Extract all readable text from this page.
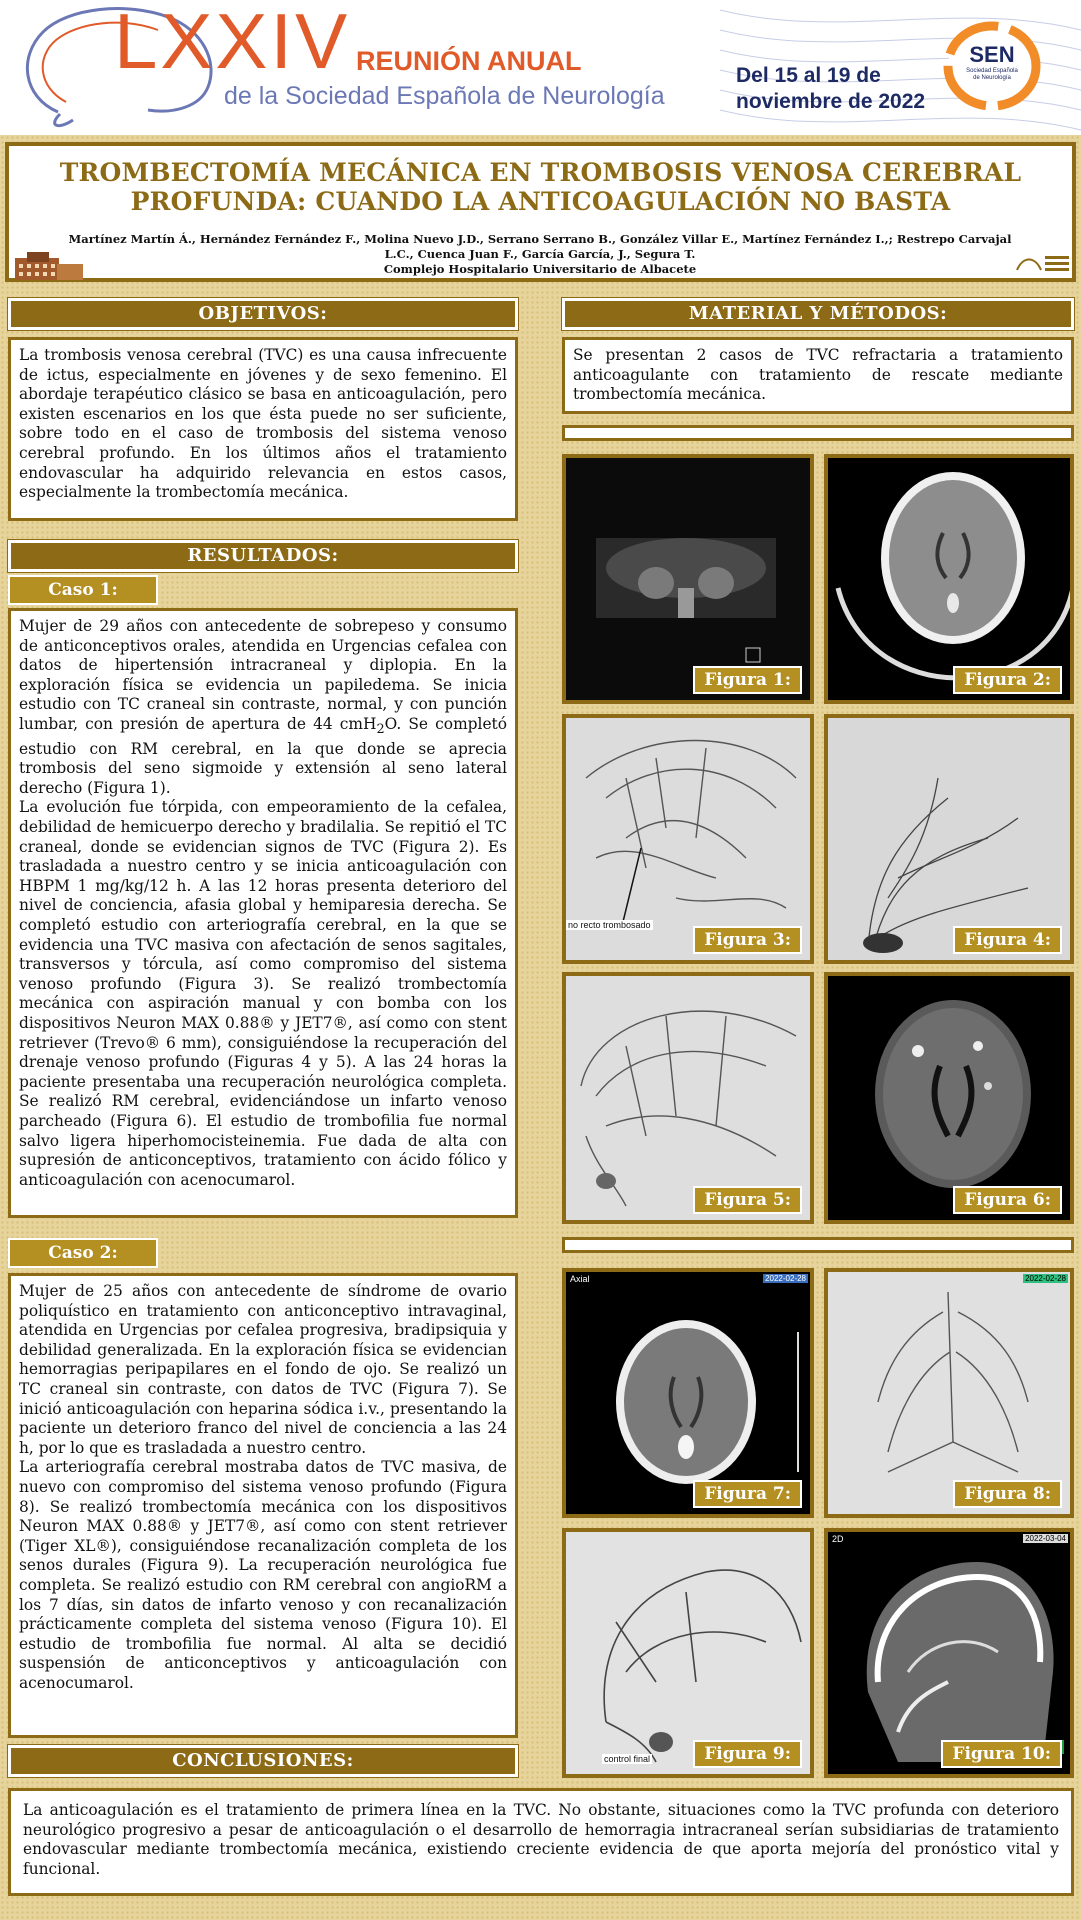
LXXIV REUNIÓN ANUAL
de la Sociedad Española de Neurología
Del 15 al 19 de
noviembre de 2022
SEN
Sociedad Española de Neurología
TROMBECTOMÍA MECÁNICA EN TROMBOSIS VENOSA CEREBRAL
PROFUNDA: CUANDO LA ANTICOAGULACIÓN NO BASTA
Martínez Martín Á., Hernández Fernández F., Molina Nuevo J.D., Serrano Serrano B., González Villar E., Martínez Fernández I.,; Restrepo Carvajal L.C., Cuenca Juan F., García García, J., Segura T.
Complejo Hospitalario Universitario de Albacete
OBJETIVOS:

La trombosis venosa cerebral (TVC) es una causa infrecuente de ictus, especialmente en jóvenes y de sexo femenino. El abordaje terapéutico clásico se basa en anticoagulación, pero existen escenarios en los que ésta puede no ser suficiente, sobre todo en el caso de trombosis del sistema venoso cerebral profundo. En los últimos años el tratamiento endovascular ha adquirido relevancia en estos casos, especialmente la trombectomía mecánica.

RESULTADOS:
Caso 1:

Mujer de 29 años con antecedente de sobrepeso y consumo de anticonceptivos orales, atendida en Urgencias cefalea con datos de hipertensión intracraneal y diplopia. En la exploración física se evidencia un papiledema. Se inicia estudio con TC craneal sin contraste, normal, y con punción lumbar, con presión de apertura de 44 cmH$_2$O. Se completó estudio con RM cerebral, en la que donde se aprecia trombosis del seno sigmoide y extensión al seno lateral derecho (Figura 1).

La evolución fue tórpida, con empeoramiento de la cefalea, debilidad de hemicuerpo derecho y bradilalia. Se repitió el TC craneal, donde se evidencian signos de TVC (Figura 2). Es trasladada a nuestro centro y se inicia anticoagulación con HBPM 1 mg/kg/12 h. A las 12 horas presenta deterioro del nivel de conciencia, afasia global y hemiparesia derecha. Se completó estudio con arteriografía cerebral, en la que se evidencia una TVC masiva con afectación de senos sagitales, transversos y tórcula, así como compromiso del sistema venoso profundo (Figura 3). Se realizó trombectomía mecánica con aspiración manual y con bomba con los dispositivos Neuron MAX 0.88® y JET7®, así como con stent retriever (Trevo® 6 mm), consiguiéndose la recuperación del drenaje venoso profundo (Figuras 4 y 5). A las 24 horas la paciente presentaba una recuperación neurológica completa. Se realizó RM cerebral, evidenciándose un infarto venoso parcheado (Figura 6). El estudio de trombofilia fue normal salvo ligera hiperhomocisteinemia. Fue dada de alta con supresión de anticonceptivos, tratamiento con ácido fólico y anticoagulación con acenocumarol.

Caso 2:

Mujer de 25 años con antecedente de síndrome de ovario poliquístico en tratamiento con anticonceptivo intravaginal, atendida en Urgencias por cefalea progresiva, bradipsiquia y debilidad generalizada. En la exploración física se evidencian hemorragias peripapilares en el fondo de ojo. Se realizó un TC craneal sin contraste, con datos de TVC (Figura 7). Se inició anticoagulación con heparina sódica i.v., presentando la paciente un deterioro franco del nivel de conciencia a las 24 h, por lo que es trasladada a nuestro centro.

La arteriografía cerebral mostraba datos de TVC masiva, de nuevo con compromiso del sistema venoso profundo (Figura 8). Se realizó trombectomía mecánica con los dispositivos Neuron MAX 0.88® y JET7®, así como con stent retriever (Tiger XL®), consiguiéndose recanalización completa de los senos durales (Figura 9). La recuperación neurológica fue completa. Se realizó estudio con RM cerebral con angioRM a los 7 días, sin datos de infarto venoso y con recanalización prácticamente completa del sistema venoso (Figura 10). El estudio de trombofilia fue normal. Al alta se decidió suspensión de anticonceptivos y anticoagulación con acenocumarol.

CONCLUSIONES:
MATERIAL Y MÉTODOS:

Se presentan 2 casos de TVC refractaria a tratamiento anticoagulante con tratamiento de rescate mediante trombectomía mecánica.

Figura 1:	Figura 2:
no recto trombosado
Figura 3:	Figura 4:
Figura 5:	Figura 6:
Axial	2022-02-28
Figura 7:
2022-02-28
Figura 8:
control final	Figura 9:
2D	2022-03-04
Figura 10:

La anticoagulación es el tratamiento de primera línea en la TVC. No obstante, situaciones como la TVC profunda con deterioro neurológico progresivo a pesar de anticoagulación o el desarrollo de hemorragia intracraneal serían subsidiarias de tratamiento endovascular mediante trombectomía mecánica, existiendo creciente evidencia de que aporta mejoría del pronóstico vital y funcional.
